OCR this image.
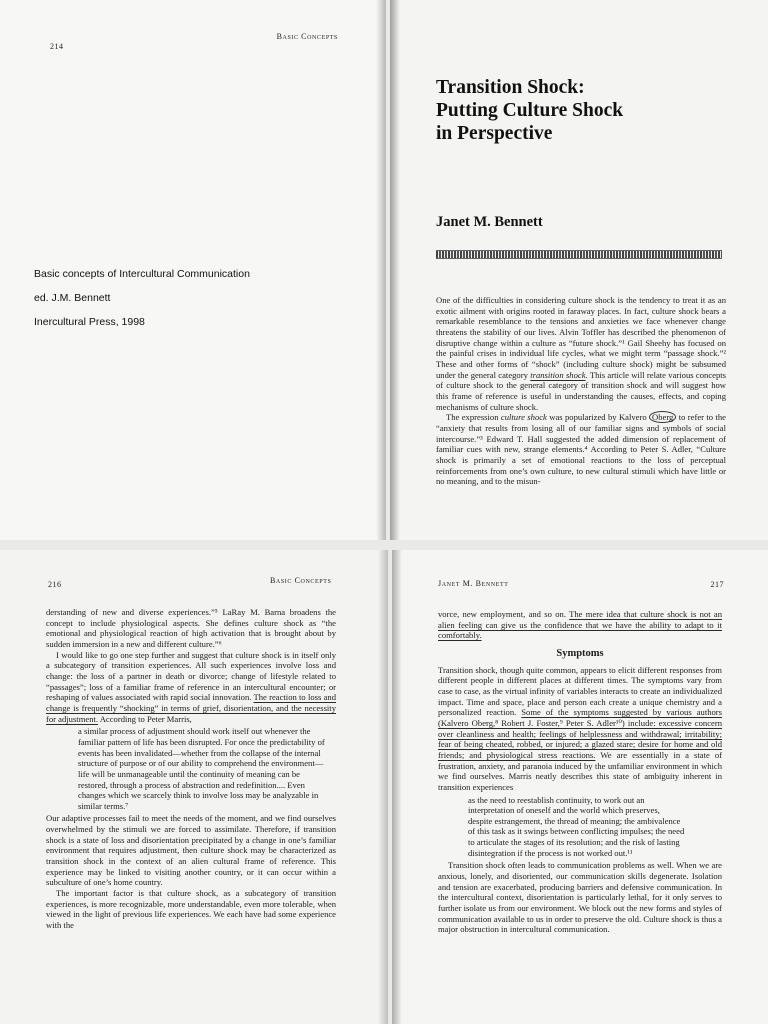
214
Basic Concepts
Basic concepts of Intercultural Communication
ed. J.M. Bennett
Inercultural Press, 1998
Transition Shock:
Putting Culture Shock
in Perspective
Janet M. Bennett

One of the difficulties in considering culture shock is the tendency to treat it as an exotic ailment with origins rooted in faraway places. In fact, culture shock bears a remarkable resemblance to the tensions and anxieties we face whenever change threatens the stability of our lives. Alvin Toffler has described the phenomenon of disruptive change within a culture as “future shock.”¹ Gail Sheehy has focused on the painful crises in individual life cycles, what we might term “passage shock.”² These and other forms of “shock” (including culture shock) might be subsumed under the general category transition shock. This article will relate various concepts of culture shock to the general category of transition shock and will suggest how this frame of reference is useful in understanding the causes, effects, and coping mechanisms of culture shock.

The expression culture shock was popularized by Kalvero Oberg to refer to the “anxiety that results from losing all of our familiar signs and symbols of social intercourse.”³ Edward T. Hall suggested the added dimension of replacement of familiar cues with new, strange elements.⁴ According to Peter S. Adler, “Culture shock is primarily a set of emotional reactions to the loss of perceptual reinforcements from one’s own culture, to new cultural stimuli which have little or no meaning, and to the misun-

216	Basic Concepts

derstanding of new and diverse experiences.”⁵ LaRay M. Barna broadens the concept to include physiological aspects. She defines culture shock as “the emotional and physiological reaction of high activation that is brought about by sudden immersion in a new and different culture.”⁶

I would like to go one step further and suggest that culture shock is in itself only a subcategory of transition experiences. All such experiences involve loss and change: the loss of a partner in death or divorce; change of lifestyle related to “passages”; loss of a familiar frame of reference in an intercultural encounter; or reshaping of values associated with rapid social innovation. The reaction to loss and change is frequently “shocking” in terms of grief, disorientation, and the necessity for adjustment. According to Peter Marris,

a similar process of adjustment should work itself out whenever the familiar pattern of life has been disrupted. For once the predictability of events has been invalidated—whether from the collapse of the internal structure of purpose or of our ability to comprehend the environment—life will be unmanageable until the continuity of meaning can be restored, through a process of abstraction and redefinition.... Even changes which we scarcely think to involve loss may be analyzable in similar terms.⁷

Our adaptive processes fail to meet the needs of the moment, and we find ourselves overwhelmed by the stimuli we are forced to assimilate. Therefore, if transition shock is a state of loss and disorientation precipitated by a change in one’s familiar environment that requires adjustment, then culture shock may be characterized as transition shock in the context of an alien cultural frame of reference. This experience may be linked to visiting another country, or it can occur within a subculture of one’s home country.

The important factor is that culture shock, as a subcategory of transition experiences, is more recognizable, more understandable, even more tolerable, when viewed in the light of previous life experiences. We each have had some experience with the

Janet M. Bennett	217

vorce, new employment, and so on. The mere idea that culture shock is not an alien feeling can give us the confidence that we have the ability to adapt to it comfortably.

Symptoms

Transition shock, though quite common, appears to elicit different responses from different people in different places at different times. The symptoms vary from case to case, as the virtual infinity of variables interacts to create an individualized impact. Time and space, place and person each create a unique chemistry and a personalized reaction. Some of the symptoms suggested by various authors (Kalvero Oberg,⁸ Robert J. Foster,⁹ Peter S. Adler¹⁰) include: excessive concern over cleanliness and health; feelings of helplessness and withdrawal; irritability; fear of being cheated, robbed, or injured; a glazed stare; desire for home and old friends; and physiological stress reactions. We are essentially in a state of frustration, anxiety, and paranoia induced by the unfamiliar environment in which we find ourselves. Marris neatly describes this state of ambiguity inherent in transition experiences

as the need to reestablish continuity, to work out an interpretation of oneself and the world which preserves, despite estrangement, the thread of meaning; the ambivalence of this task as it swings between conflicting impulses; the need to articulate the stages of its resolution; and the risk of lasting disintegration if the process is not worked out.¹¹

Transition shock often leads to communication problems as well. When we are anxious, lonely, and disoriented, our communication skills degenerate. Isolation and tension are exacerbated, producing barriers and defensive communication. In the intercultural context, disorientation is particularly lethal, for it only serves to further isolate us from our environment. We block out the new forms and styles of communication available to us in order to preserve the old. Culture shock is thus a major obstruction in intercultural communication.
